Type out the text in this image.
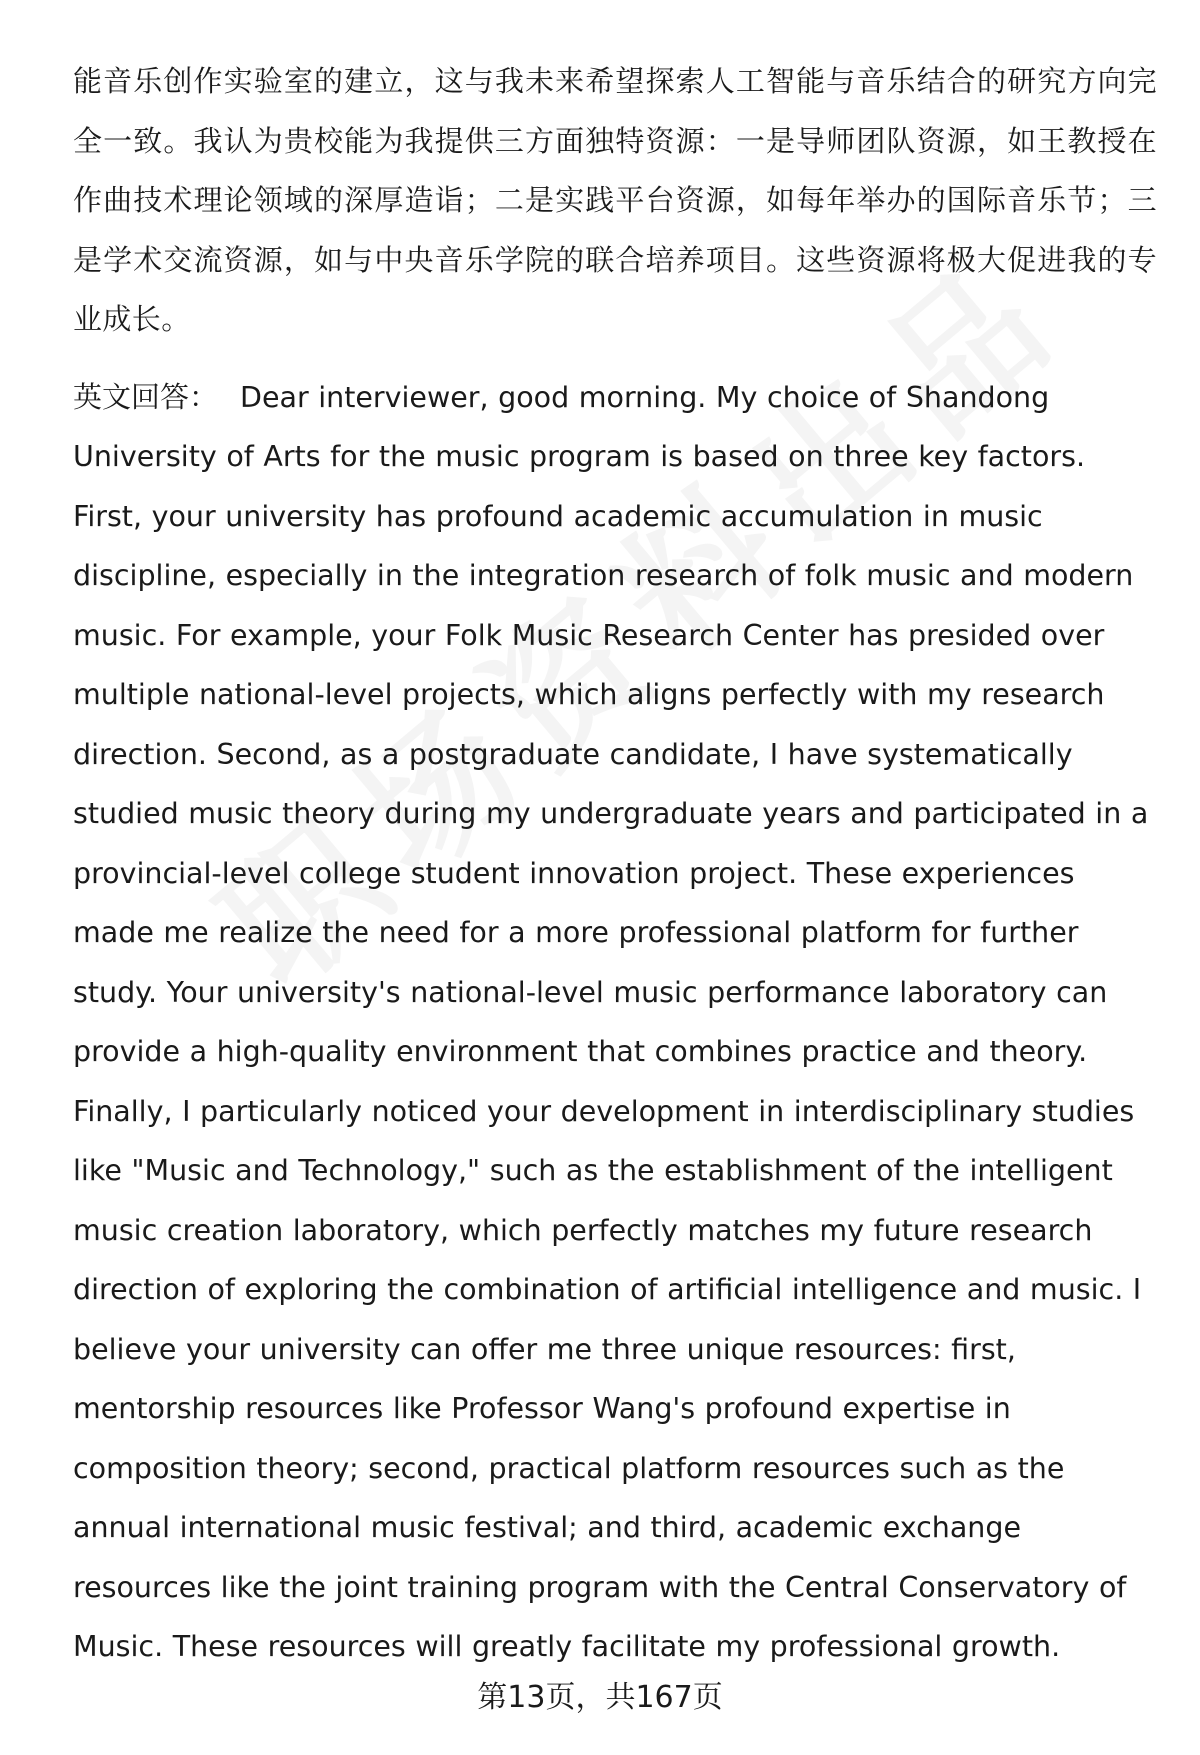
能音乐创作实验室的建立，这与我未来希望探索人工智能与音乐结合的研究方向完全一致。我认为贵校能为我提供三方面独特资源：一是导师团队资源，如王教授在作曲技术理论领域的深厚造诣；二是实践平台资源，如每年举办的国际音乐节；三是学术交流资源，如与中央音乐学院的联合培养项目。这些资源将极大促进我的专业成长。

英文回答： Dear interviewer, good morning. My choice of Shandong University of Arts for the music program is based on three key factors. First, your university has profound academic accumulation in music discipline, especially in the integration research of folk music and modern music. For example, your Folk Music Research Center has presided over multiple national-level projects, which aligns perfectly with my research direction. Second, as a postgraduate candidate, I have systematically studied music theory during my undergraduate years and participated in a provincial-level college student innovation project. These experiences made me realize the need for a more professional platform for further study. Your university's national-level music performance laboratory can provide a high-quality environment that combines practice and theory. Finally, I particularly noticed your development in interdisciplinary studies like "Music and Technology," such as the establishment of the intelligent music creation laboratory, which perfectly matches my future research direction of exploring the combination of artificial intelligence and music. I believe your university can offer me three unique resources: first, mentorship resources like Professor Wang's profound expertise in composition theory; second, practical platform resources such as the annual international music festival; and third, academic exchange resources like the joint training program with the Central Conservatory of Music. These resources will greatly facilitate my professional growth.

第13页，共167页
